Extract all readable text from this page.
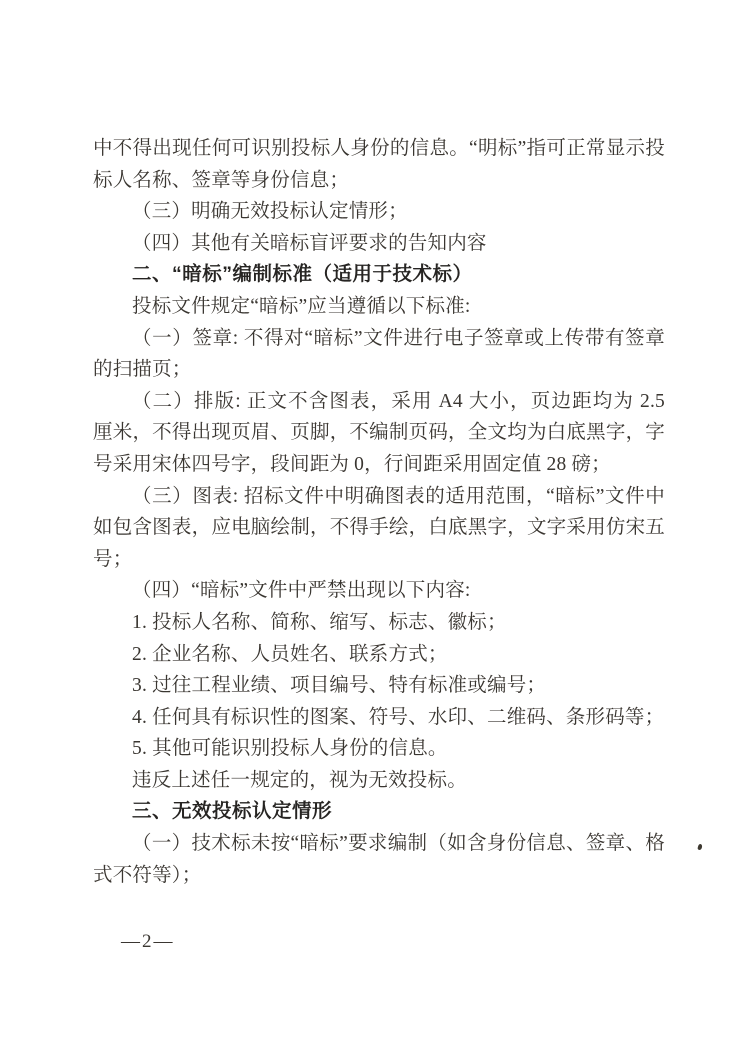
中不得出现任何可识别投标人身份的信息。“明标”指可正常显示投标人名称、签章等身份信息；

（三）明确无效投标认定情形；

（四）其他有关暗标盲评要求的告知内容

二、“暗标”编制标准（适用于技术标）

投标文件规定“暗标”应当遵循以下标准:

（一）签章: 不得对“暗标”文件进行电子签章或上传带有签章的扫描页；

（二）排版: 正文不含图表，采用 A4 大小，页边距均为 2.5 厘米，不得出现页眉、页脚，不编制页码，全文均为白底黑字，字号采用宋体四号字，段间距为 0，行间距采用固定值 28 磅；

（三）图表: 招标文件中明确图表的适用范围，“暗标”文件中如包含图表，应电脑绘制，不得手绘，白底黑字，文字采用仿宋五号；

（四）“暗标”文件中严禁出现以下内容:

1. 投标人名称、简称、缩写、标志、徽标；

2. 企业名称、人员姓名、联系方式；

3. 过往工程业绩、项目编号、特有标准或编号；

4. 任何具有标识性的图案、符号、水印、二维码、条形码等；

5. 其他可能识别投标人身份的信息。

违反上述任一规定的，视为无效投标。

三、无效投标认定情形

（一）技术标未按“暗标”要求编制（如含身份信息、签章、格式不符等）；

—2—
